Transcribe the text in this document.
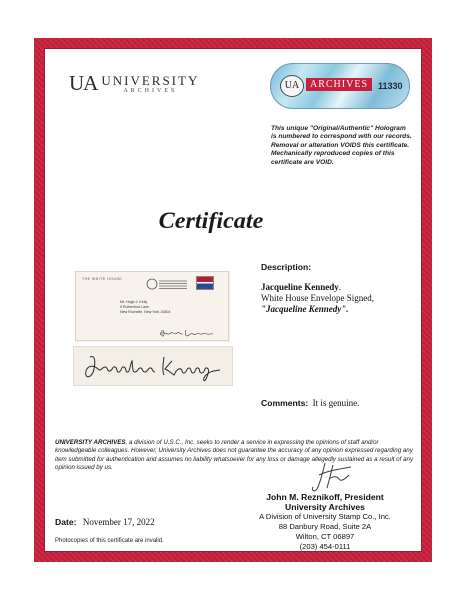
UA UNIVERSITY
ARCHIVES	UA	ARCHIVES	11330
This unique "Original/Authentic" Hologram is numbered to correspond with our records. Removal or alteration VOIDS this certificate. Mechanically reproduced copies of this certificate are VOID.
Certificate
Description:
Jacqueline Kennedy.
White House Envelope Signed,
"Jacqueline Kennedy".
THE WHITE HOUSE
Mr. Hugh J. Kelly
9 Rutherford Lane
New Rochelle, New York 10804
Comments: It is genuine.
UNIVERSITY ARCHIVES, a division of U.S.C., Inc. seeks to render a service in expressing the opinions of staff and/or knowledgeable colleagues. However, University Archives does not guarantee the accuracy of any opinion expressed regarding any item submitted for authentication and assumes no liability whatsoever for any loss or damage allegedly sustained as a result of any opinion issued by us.
John M. Reznikoff, President
University Archives
A Division of University Stamp Co., Inc.
88 Danbury Road, Suite 2A
Wilton, CT 06897
(203) 454-0111
Date: November 17, 2022
Photocopies of this certificate are invalid.
